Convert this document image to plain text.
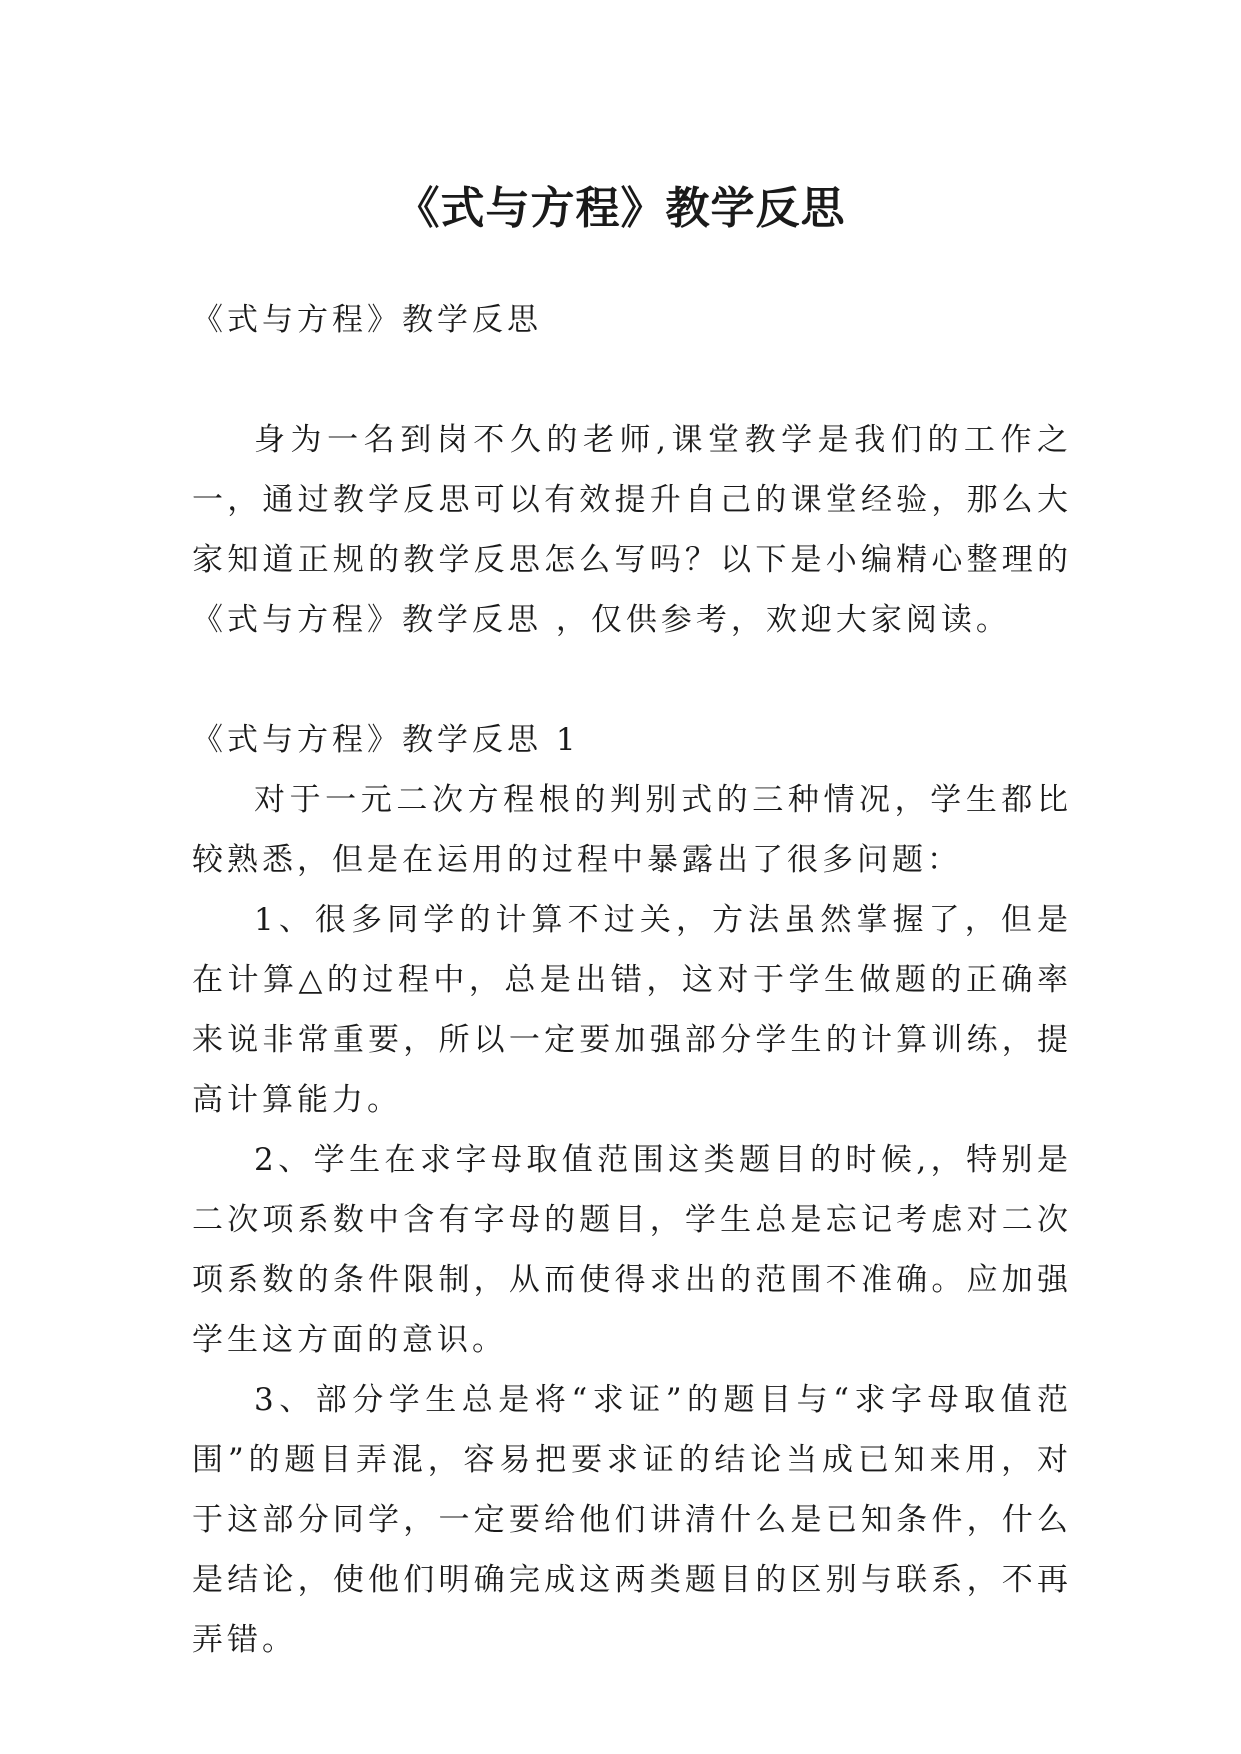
《式与方程》教学反思

《式与方程》教学反思

身为一名到岗不久的老师,课堂教学是我们的工作之一，通过教学反思可以有效提升自己的课堂经验，那么大家知道正规的教学反思怎么写吗？以下是小编精心整理的《式与方程》教学反思 ，仅供参考，欢迎大家阅读。

《式与方程》教学反思 1

对于一元二次方程根的判别式的三种情况，学生都比较熟悉，但是在运用的过程中暴露出了很多问题：

1、很多同学的计算不过关，方法虽然掌握了，但是在计算△的过程中，总是出错，这对于学生做题的正确率来说非常重要，所以一定要加强部分学生的计算训练，提高计算能力。

2、学生在求字母取值范围这类题目的时候,，特别是二次项系数中含有字母的题目，学生总是忘记考虑对二次项系数的条件限制，从而使得求出的范围不准确。应加强学生这方面的意识。

3、部分学生总是将“求证”的题目与“求字母取值范围”的题目弄混，容易把要求证的结论当成已知来用，对于这部分同学，一定要给他们讲清什么是已知条件，什么是结论，使他们明确完成这两类题目的区别与联系，不再弄错。
